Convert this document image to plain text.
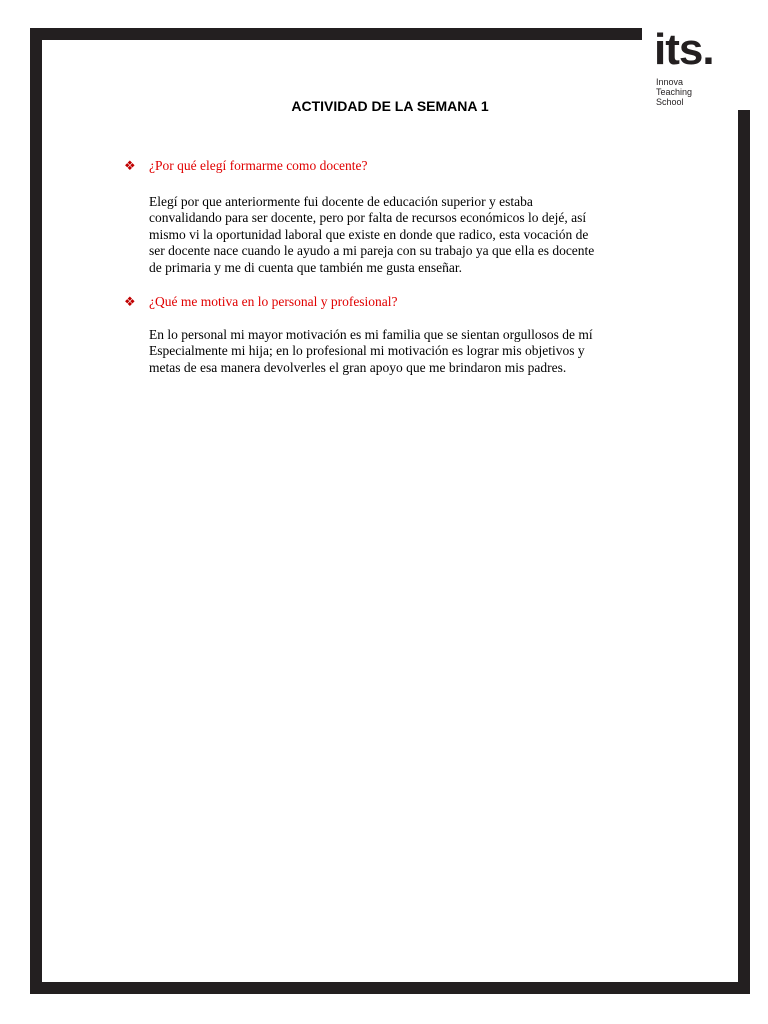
its.
Innova
Teaching
School
ACTIVIDAD DE LA SEMANA 1
❖ ¿Por qué elegí formarme como docente?
Elegí por que anteriormente fui docente de educación superior y estaba
convalidando para ser docente, pero por falta de recursos económicos lo dejé, así
mismo vi la oportunidad laboral que existe en donde que radico, esta vocación de
ser docente nace cuando le ayudo a mi pareja con su trabajo ya que ella es docente
de primaria y me di cuenta que también me gusta enseñar.
❖ ¿Qué me motiva en lo personal y profesional?
En lo personal mi mayor motivación es mi familia que se sientan orgullosos de mí
Especialmente mi hija; en lo profesional mi motivación es lograr mis objetivos y
metas de esa manera devolverles el gran apoyo que me brindaron mis padres.
